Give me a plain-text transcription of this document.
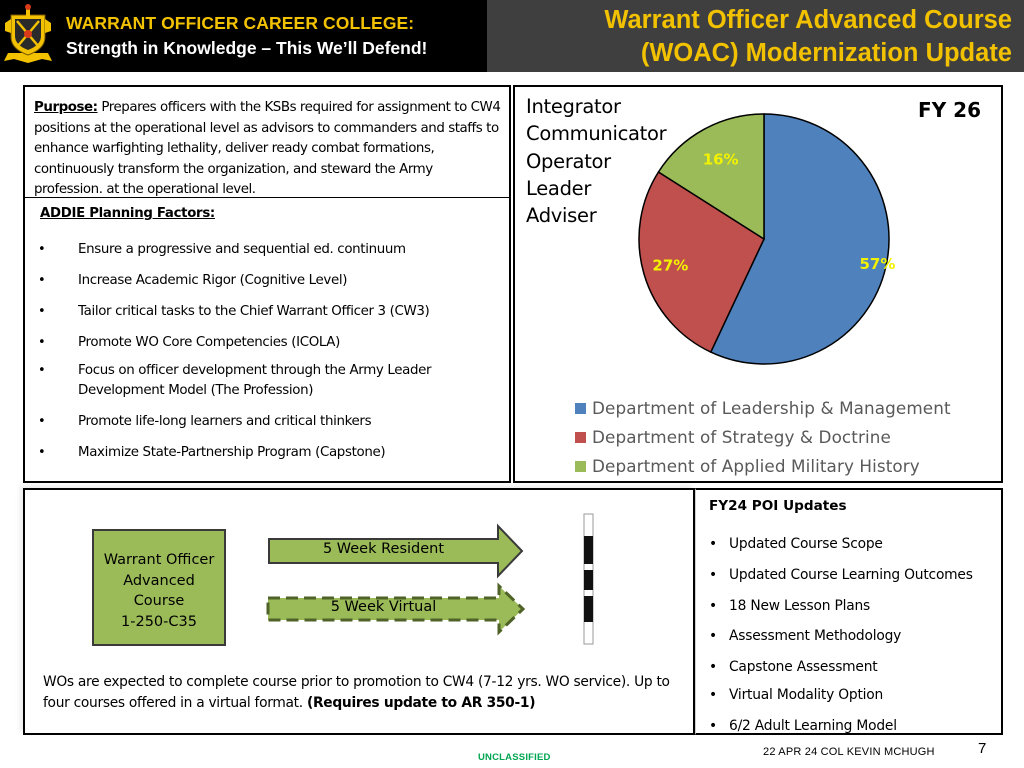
WARRANT OFFICER CAREER COLLEGE:
Strength in Knowledge – This We’ll Defend!
Warrant Officer Advanced Course
(WOAC) Modernization Update
Purpose: Prepares officers with the KSBs required for assignment to CW4 positions at the operational level as advisors to commanders and staffs to enhance warfighting lethality, deliver ready combat formations, continuously transform the organization, and steward the Army profession. at the operational level.
ADDIE Planning Factors:
• Ensure a progressive and sequential ed. continuum
• Increase Academic Rigor (Cognitive Level)
• Tailor critical tasks to the Chief Warrant Officer 3 (CW3)
• Promote WO Core Competencies (ICOLA)
• Focus on officer development through the Army Leader Development Model (The Profession)
• Promote life-long learners and critical thinkers
• Maximize State-Partnership Program (Capstone)
Integrator
Communicator
Operator
Leader
Adviser
FY 26
57%
27%
16%
Department of Leadership & Management
Department of Strategy & Doctrine
Department of Applied Military History
Warrant Officer
Advanced
Course
1-250-C35
5 Week Resident
5 Week Virtual
WOs are expected to complete course prior to promotion to CW4 (7-12 yrs. WO service). Up to four courses offered in a virtual format. (Requires update to AR 350-1)
FY24 POI Updates
• Updated Course Scope
• Updated Course Learning Outcomes
• 18 New Lesson Plans
• Assessment Methodology
• Capstone Assessment
• Virtual Modality Option
• 6/2 Adult Learning Model
UNCLASSIFIED	22 APR 24 COL KEVIN MCHUGH	7
